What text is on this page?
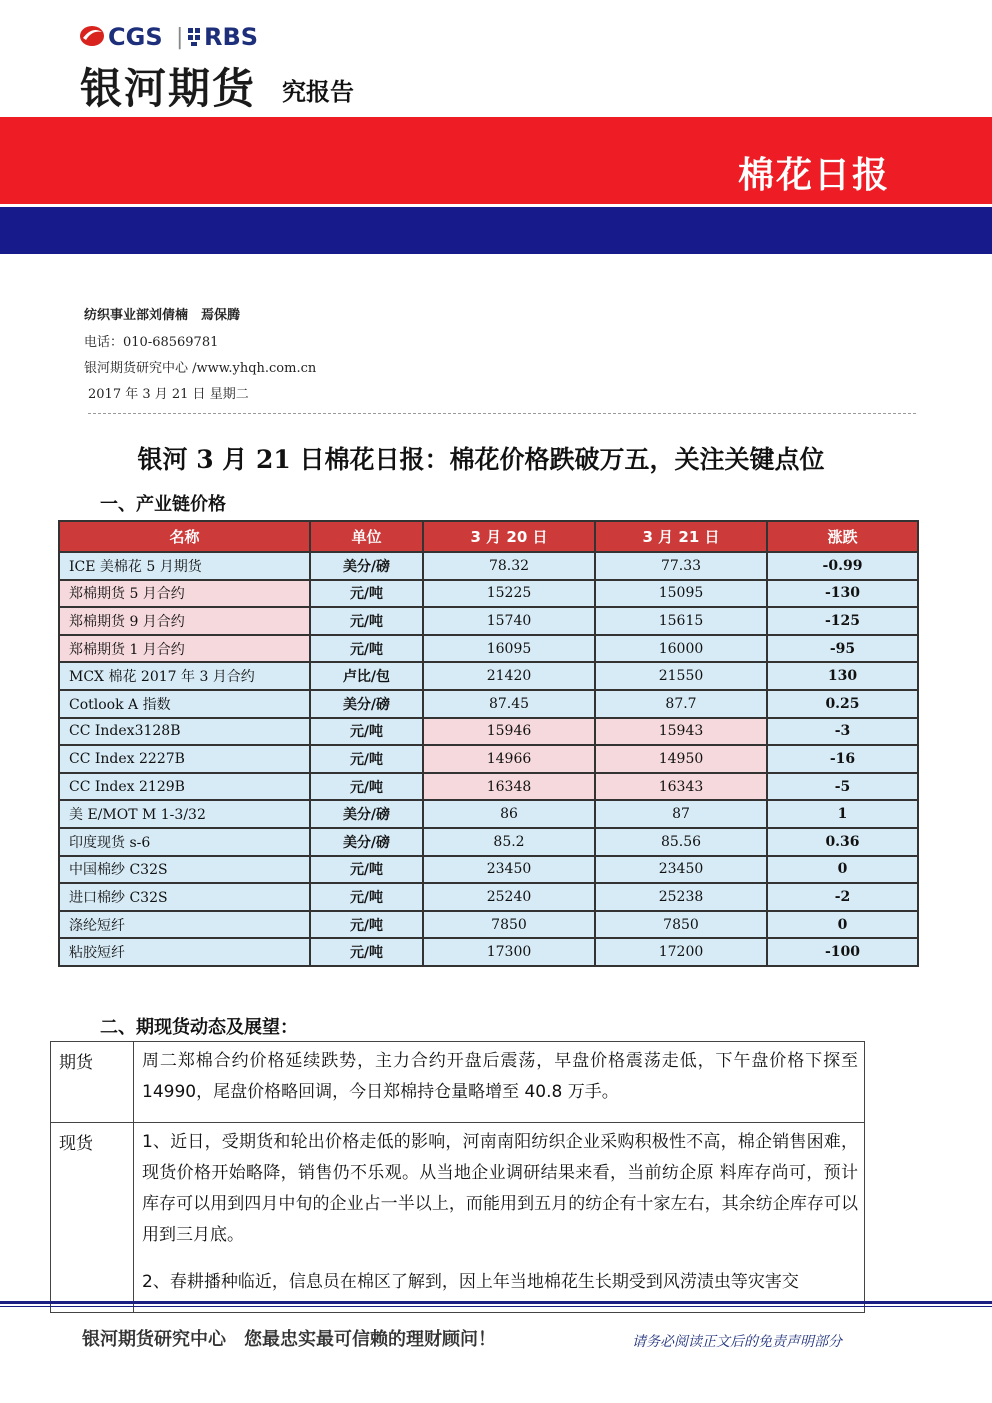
CGS | RBS
银河期货 究报告
棉花日报
纺织事业部刘倩楠　焉保腾
电话：010-68569781
银河期货研究中心 /www.yhqh.com.cn
2017 年 3 月 21 日 星期二
银河 3 月 21 日棉花日报：棉花价格跌破万五，关注关键点位
一、产业链价格
名称	单位	3 月 20 日	3 月 21 日	涨跌
ICE 美棉花 5 月期货	美分/磅	78.32	77.33	-0.99
郑棉期货 5 月合约	元/吨	15225	15095	-130
郑棉期货 9 月合约	元/吨	15740	15615	-125
郑棉期货 1 月合约	元/吨	16095	16000	-95
MCX 棉花 2017 年 3 月合约	卢比/包	21420	21550	130
Cotlook A 指数	美分/磅	87.45	87.7	0.25
CC Index3128B	元/吨	15946	15943	-3
CC Index 2227B	元/吨	14966	14950	-16
CC Index 2129B	元/吨	16348	16343	-5
美 E/MOT M 1-3/32	美分/磅	86	87	1
印度现货 s-6	美分/磅	85.2	85.56	0.36
中国棉纱 C32S	元/吨	23450	23450	0
进口棉纱 C32S	元/吨	25240	25238	-2
涤纶短纤	元/吨	7850	7850	0
粘胶短纤	元/吨	17300	17200	-100
二、期现货动态及展望：
期货	周二郑棉合约价格延续跌势，主力合约开盘后震荡，早盘价格震荡走低，下午盘价格下探至 14990，尾盘价格略回调，今日郑棉持仓量略增至 40.8 万手。

现货	1、近日，受期货和轮出价格走低的影响，河南南阳纺织企业采购积极性不高，棉企销售困难，现货价格开始略降，销售仍不乐观。从当地企业调研结果来看，当前纺企原 料库存尚可，预计库存可以用到四月中旬的企业占一半以上，而能用到五月的纺企有十家左右，其余纺企库存可以用到三月底。

2、春耕播种临近，信息员在棉区了解到，因上年当地棉花生长期受到风涝渍虫等灾害交

银河期货研究中心　您最忠实最可信赖的理财顾问！	请务必阅读正文后的免责声明部分
